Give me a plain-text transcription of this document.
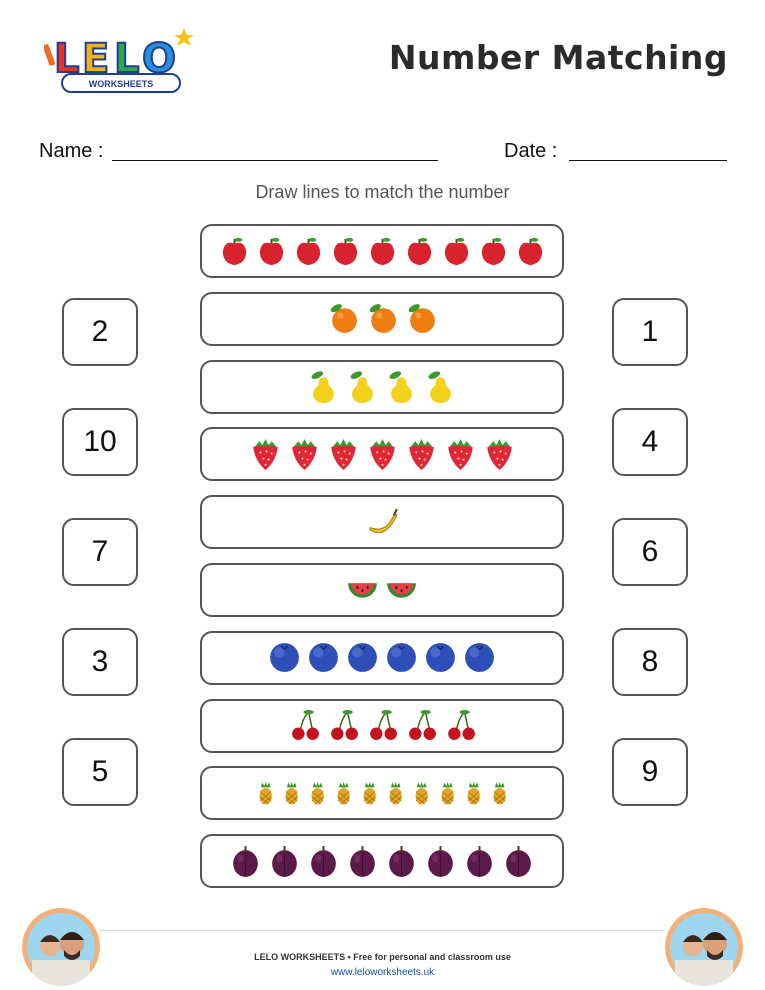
WORKSHEETS
L E L O	Number Matching
Name :	Date :
Draw lines to match the number
2
10
7
3
5
1
4
6
8
9
LELO WORKSHEETS • Free for personal and classroom use
www.leloworksheets.uk
